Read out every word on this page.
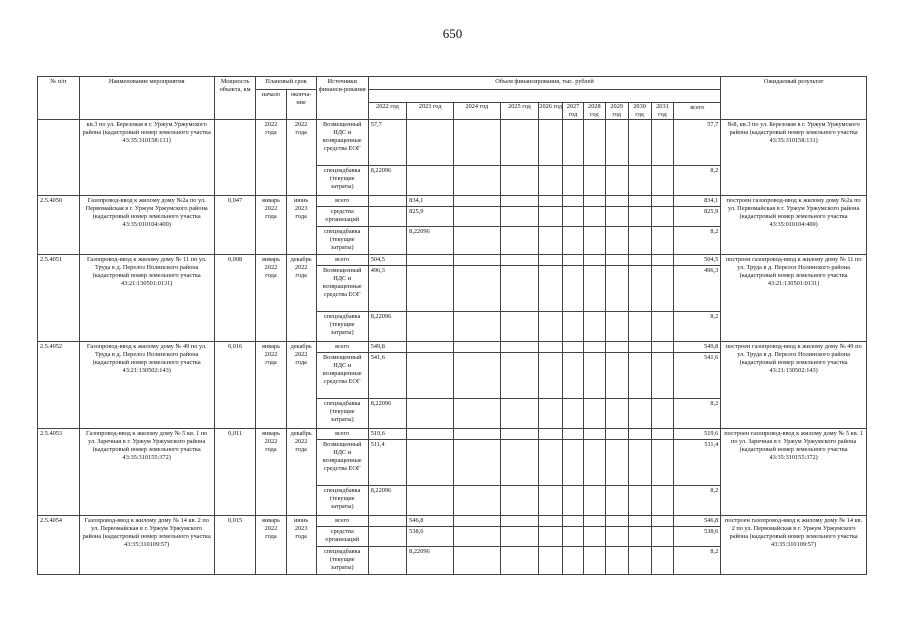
650
№ п/п	Наименование мероприятия	Мощность объекта, км	Плановый срок		Источники финанси-рования	Объем финансирования, тыс. рублей											Ожидаемый результат
			начало	оконча-ние													
						2022 год	2023 год	2024 год	2025 год	2026 год	2027 год	2028 год	2029 год	2030 год	2031 год	всего	
	кв.3 по ул. Березовая в г. Уржум Уржумского района (кадастровый номер земельного участка 43:35:310158:131)		2022 года	2022 года	Возмещенный НДС и возвращенные средства ЕОГ	57,7										57,7	№8, кв.3 по ул. Березовая в г. Уржум Уржумского района (кадастровый номер земельного участка 43:35:310158:131)
					спецнадбавка (текущие затраты)	8,22096										8,2	
2.5.4050	Газопровод-ввод к жилому дому №2а по ул. Первомайская в г. Уржум Уржумского района (кадастровый номер земельного участка 43:35:010104:400)	0,047	январь 2022 года	июнь 2023 года	всего		834,1									834,1	построен газопровод-ввод к жилому дому №2а по ул. Первомайская в г. Уржум Уржумского района (кадастровый номер земельного участка 43:35:010104:400)
					средства организаций		825,9									825,9	
					спецнадбавка (текущие затраты)		8,22096									8,2	
2.5.4051	Газопровод-ввод к жилому дому № 11 по ул. Труда в д. Перелоз Нолинского района (кадастровый номер земельного участка 43:21:130501:0131)	0,008	январь 2022 года	декабрь 2022 года	всего	504,5										504,5	построен газопровод-ввод к жилому дому № 11 по ул. Труда в д. Перелоз Нолинского района (кадастровый номер земельного участка 43:21:130501:0131)
					Возмещенный НДС и возвращенные средства ЕОГ	496,3										496,3	
					спецнадбавка (текущие затраты)	8,22096										8,2	
2.5.4052	Газопровод-ввод к жилому дому № 49 по ул. Труда в д. Перелоз Нолинского района (кадастровый номер земельного участка 43:21:130502:143)	0,016	январь 2022 года	декабрь 2022 года	всего	549,8										549,8	построен газопровод-ввод к жилому дому № 49 по ул. Труда в д. Перелоз Нолинского района (кадастровый номер земельного участка 43:21:130502:143)
					Возмещенный НДС и возвращенные средства ЕОГ	541,6										541,6	
					спецнадбавка (текущие затраты)	8,22096										8,2	
2.5.4053	Газопровод-ввод к жилому дому № 5 кв. 1 по ул. Заречная в г. Уржум Уржумского района (кадастровый номер земельного участка 43:35:310155:372)	0,011	январь 2022 года	декабрь 2022 года	всего	519,6										519,6	построен газопровод-ввод к жилому дому № 5 кв. 1 по ул. Заречная в г. Уржум Уржумского района (кадастровый номер земельного участка 43:35:310155:372)
					Возмещенный НДС и возвращенные средства ЕОГ	511,4										511,4	
					спецнадбавка (текущие затраты)	8,22096										8,2	
2.5.4054	Газопровод-ввод к жилому дому № 14 кв. 2 по ул. Первомайская в г. Уржум Уржумского района (кадастровый номер земельного участка 43:35:310109:57)	0,015	январь 2022 года	июнь 2023 года	всего		546,8									546,8	построен газопровод-ввод к жилому дому № 14 кв. 2 по ул. Первомайская в г. Уржум Уржумского района (кадастровый номер земельного участка 43:35:310109:57)
					средства организаций		538,6									538,6	
					спецнадбавка (текущие затраты)		8,22096									8,2	
